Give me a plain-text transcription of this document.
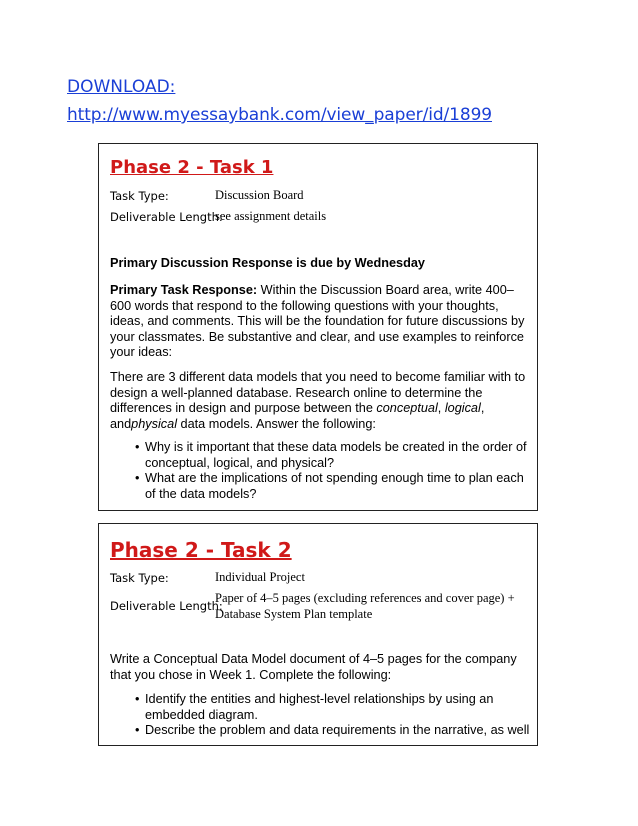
DOWNLOAD:
http://www.myessaybank.com/view_paper/id/1899
Phase 2 - Task 1
Task Type:	Discussion Board
Deliverable Length:
see assignment details

Primary Discussion Response is due by Wednesday

Primary Task Response: Within the Discussion Board area, write 400–600 words that respond to the following questions with your thoughts, ideas, and comments. This will be the foundation for future discussions by your classmates. Be substantive and clear, and use examples to reinforce your ideas:

There are 3 different data models that you need to become familiar with to design a well-planned database. Research online to determine the differences in design and purpose between the conceptual, logical, andphysical data models. Answer the following:

• Why is it important that these data models be created in the order of conceptual, logical, and physical?
• What are the implications of not spending enough time to plan each of the data models?
Phase 2 - Task 2
Task Type:	Individual Project
Deliverable Length:
Paper of 4–5 pages (excluding references and cover page) + Database System Plan template

Write a Conceptual Data Model document of 4–5 pages for the company that you chose in Week 1. Complete the following:

• Identify the entities and highest-level relationships by using an embedded diagram.
• Describe the problem and data requirements in the narrative, as well
